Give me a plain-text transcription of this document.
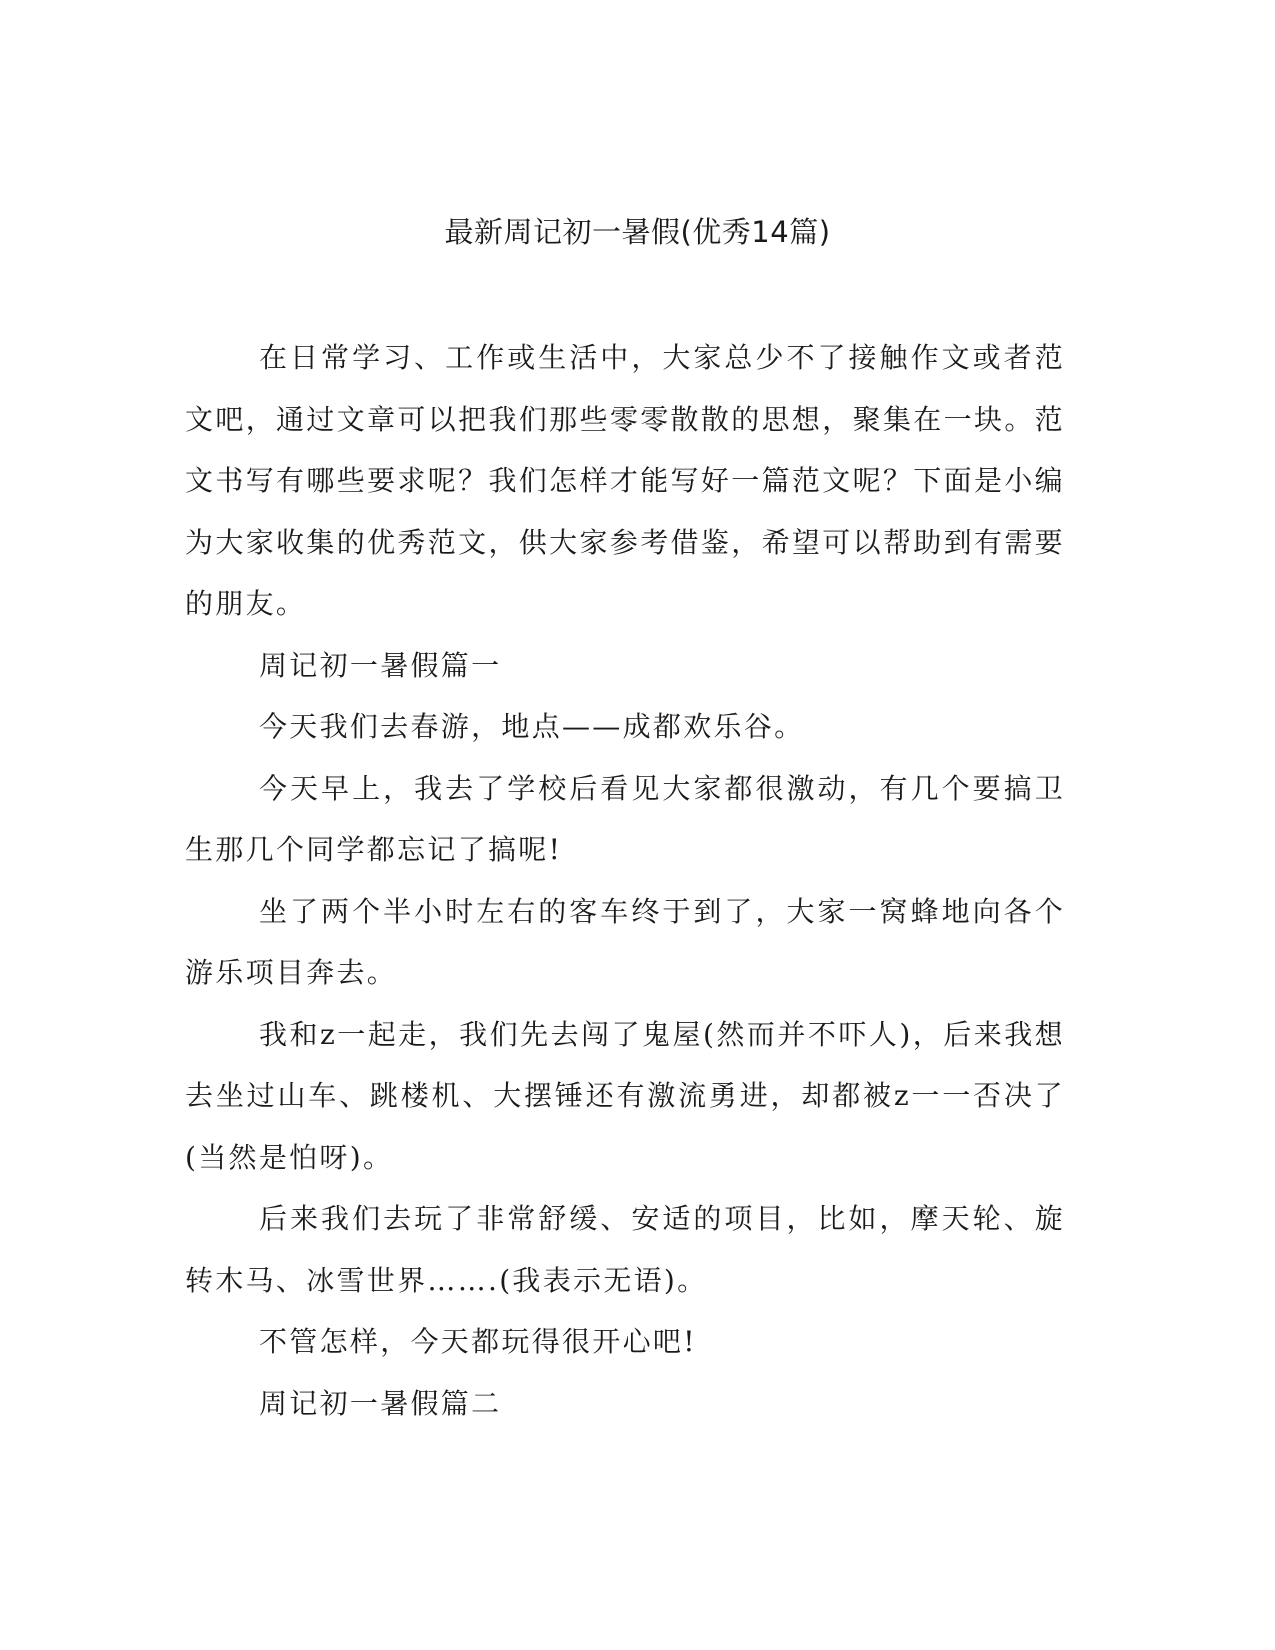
最新周记初一暑假(优秀14篇)

在日常学习、工作或生活中，大家总少不了接触作文或者范文吧，通过文章可以把我们那些零零散散的思想，聚集在一块。范文书写有哪些要求呢？我们怎样才能写好一篇范文呢？下面是小编为大家收集的优秀范文，供大家参考借鉴，希望可以帮助到有需要的朋友。

周记初一暑假篇一

今天我们去春游，地点——成都欢乐谷。

今天早上，我去了学校后看见大家都很激动，有几个要搞卫生那几个同学都忘记了搞呢!

坐了两个半小时左右的客车终于到了，大家一窝蜂地向各个游乐项目奔去。

我和z一起走，我们先去闯了鬼屋(然而并不吓人)，后来我想去坐过山车、跳楼机、大摆锤还有激流勇进，却都被z一一否决了(当然是怕呀)。

后来我们去玩了非常舒缓、安适的项目，比如，摩天轮、旋转木马、冰雪世界…….(我表示无语)。

不管怎样，今天都玩得很开心吧!

周记初一暑假篇二
